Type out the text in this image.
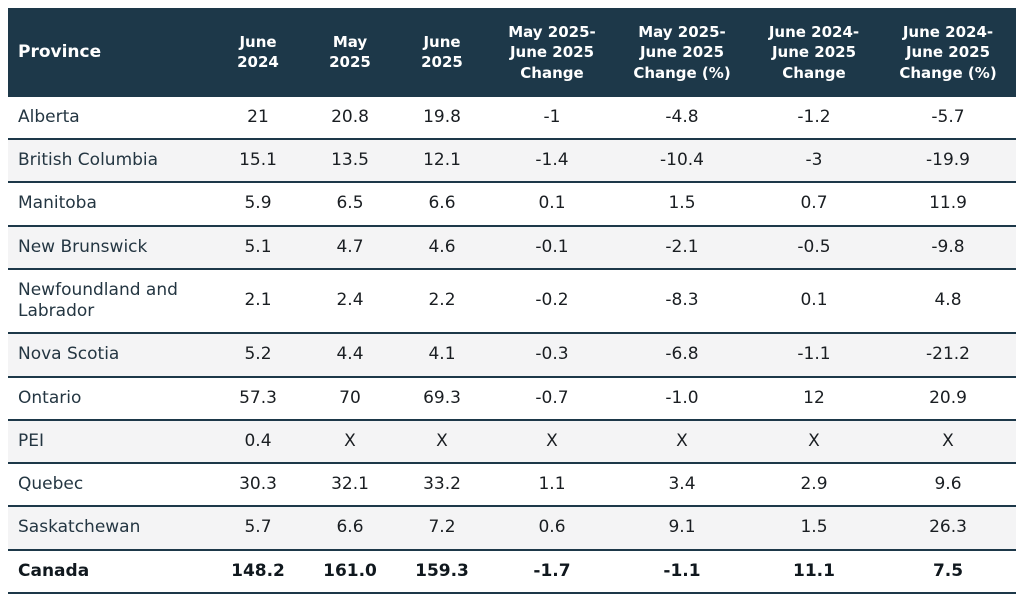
Province	June 2024	May 2025	June 2025	May 2025- June 2025 Change	May 2025- June 2025 Change (%)	June 2024- June 2025 Change	June 2024- June 2025 Change (%)
Alberta	21	20.8	19.8	-1	-4.8	-1.2	-5.7
British Columbia	15.1	13.5	12.1	-1.4	-10.4	-3	-19.9
Manitoba	5.9	6.5	6.6	0.1	1.5	0.7	11.9
New Brunswick	5.1	4.7	4.6	-0.1	-2.1	-0.5	-9.8
Newfoundland and Labrador	2.1	2.4	2.2	-0.2	-8.3	0.1	4.8
Nova Scotia	5.2	4.4	4.1	-0.3	-6.8	-1.1	-21.2
Ontario	57.3	70	69.3	-0.7	-1.0	12	20.9
PEI	0.4	X	X	X	X	X	X
Quebec	30.3	32.1	33.2	1.1	3.4	2.9	9.6
Saskatchewan	5.7	6.6	7.2	0.6	9.1	1.5	26.3
Canada	148.2	161.0	159.3	-1.7	-1.1	11.1	7.5
